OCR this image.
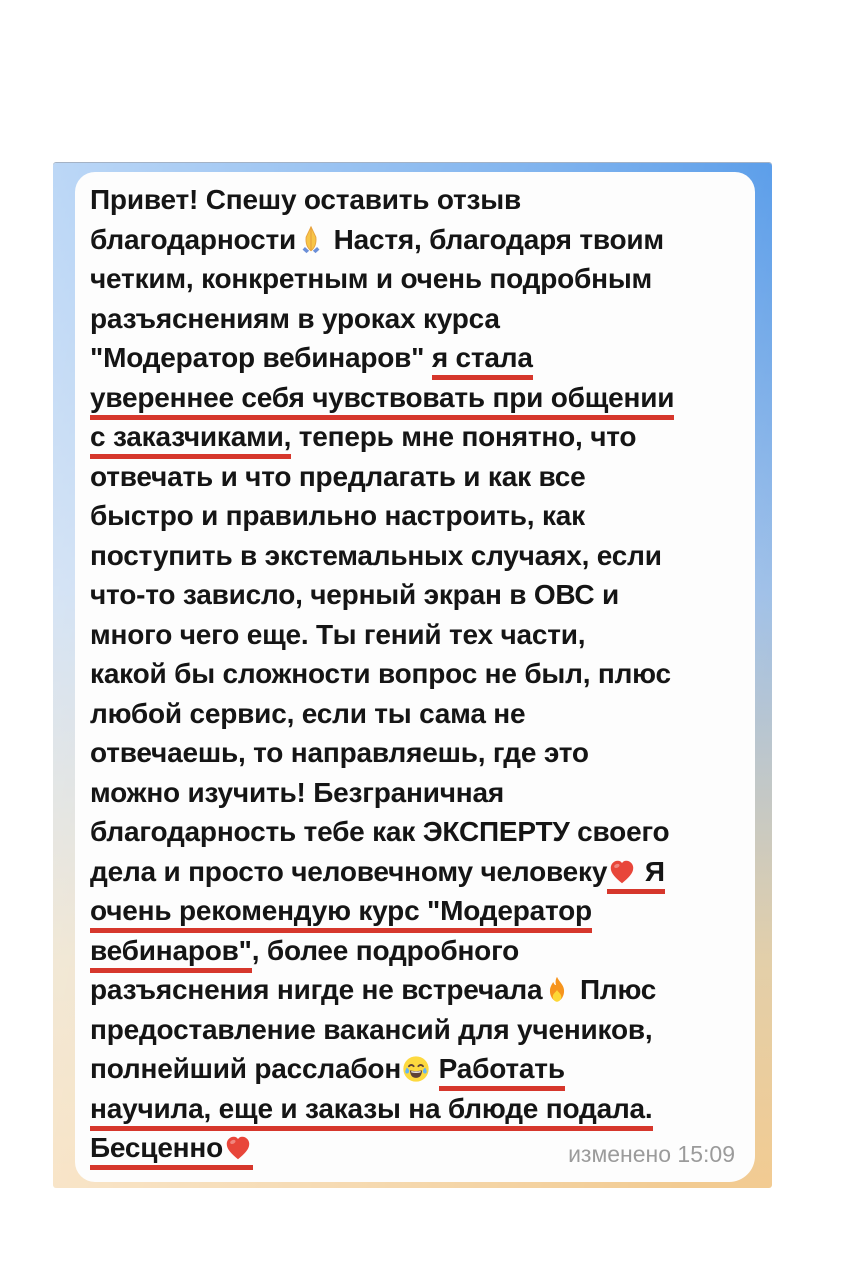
Привет! Спешу оставить отзыв
благодарности Настя, благодаря твоим
четким, конкретным и очень подробным
разъяснениям в уроках курса
"Модератор вебинаров" я стала
увереннее себя чувствовать при общении
с заказчиками, теперь мне понятно, что
отвечать и что предлагать и как все
быстро и правильно настроить, как
поступить в экстемальных случаях, если
что-то зависло, черный экран в ОВС и
много чего еще. Ты гений тех части,
какой бы сложности вопрос не был, плюс
любой сервис, если ты сама не
отвечаешь, то направляешь, где это
можно изучить! Безграничная
благодарность тебе как ЭКСПЕРТУ своего
дела и просто человечному человеку Я
очень рекомендую курс "Модератор
вебинаров", более подробного
разъяснения нигде не встречала Плюс
предоставление вакансий для учеников,
полнейший расслабон Работать
научила, еще и заказы на блюде подала.
Бесценно	изменено 15:09
